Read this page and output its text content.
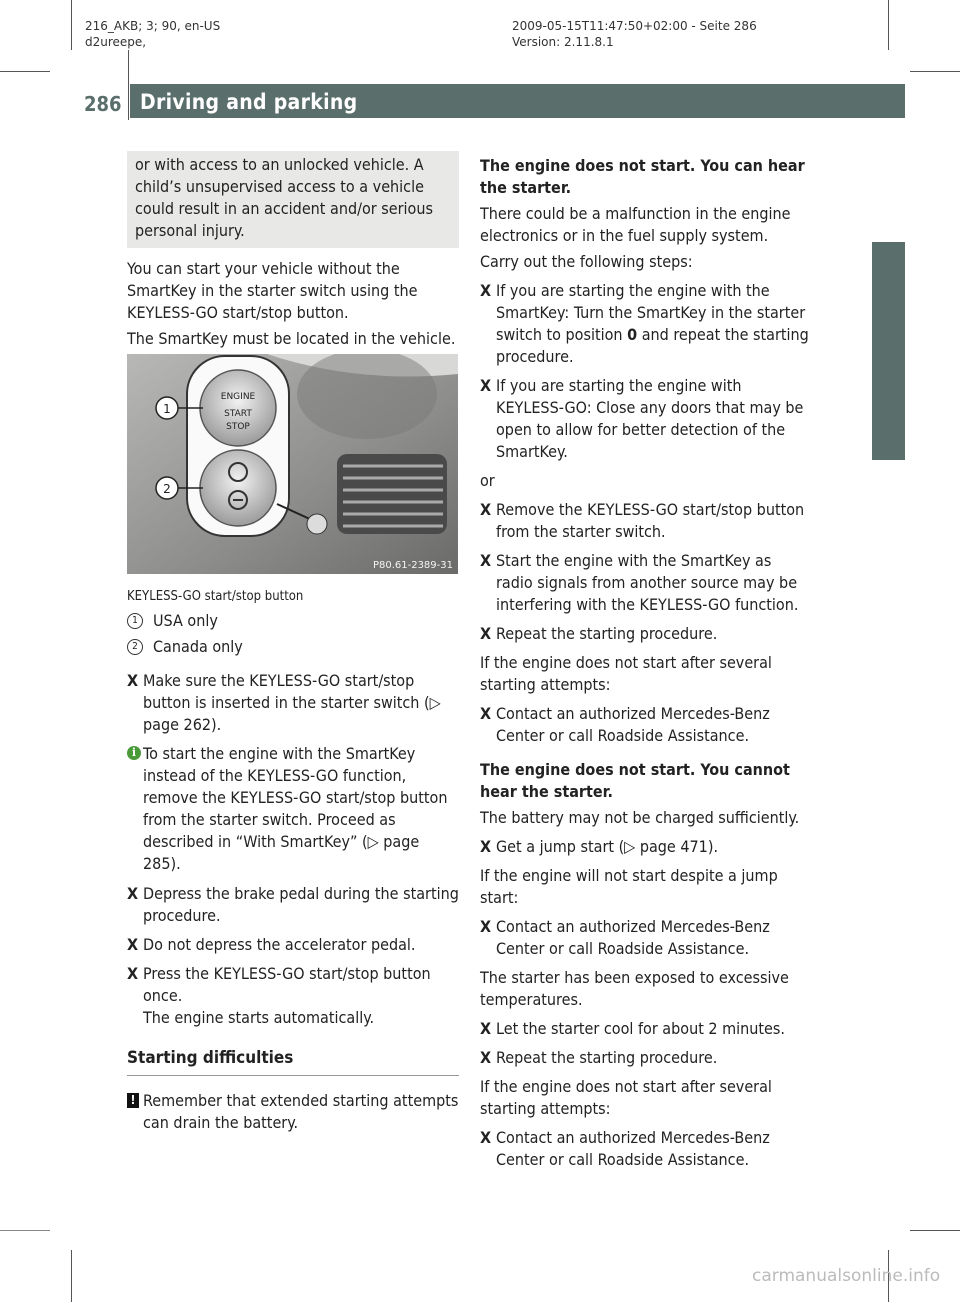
216_AKB; 3; 90, en-US
d2ureepe,
2009-05-15T11:47:50+02:00 - Seite 286
Version: 2.11.8.1
286 Driving and parking
Controls in detail

or with access to an unlocked vehicle. A child’s unsupervised access to a vehicle could result in an accident and/or serious personal injury.

You can start your vehicle without the SmartKey in the starter switch using the KEYLESS-GO start/stop button.

The SmartKey must be located in the vehicle.

ENGINE
START
STOP
1
2
P80.61-2389-31

KEYLESS-GO start/stop button

1 USA only
2 Canada only
X Make sure the KEYLESS-GO start/stop button is inserted in the starter switch (▷ page 262).
i To start the engine with the SmartKey instead of the KEYLESS-GO function, remove the KEYLESS-GO start/stop button from the starter switch. Proceed as described in “With SmartKey” (▷ page 285).
X Depress the brake pedal during the starting procedure.
X Do not depress the accelerator pedal.
X Press the KEYLESS-GO start/stop button once.
The engine starts automatically.
Starting difficulties
! Remember that extended starting attempts can drain the battery.

The engine does not start. You can hear the starter.

There could be a malfunction in the engine electronics or in the fuel supply system.

Carry out the following steps:

X If you are starting the engine with the SmartKey: Turn the SmartKey in the starter switch to position 0 and repeat the starting procedure.
X If you are starting the engine with KEYLESS-GO: Close any doors that may be open to allow for better detection of the SmartKey.

or

X Remove the KEYLESS-GO start/stop button from the starter switch.
X Start the engine with the SmartKey as radio signals from another source may be interfering with the KEYLESS-GO function.
X Repeat the starting procedure.

If the engine does not start after several starting attempts:

X Contact an authorized Mercedes-Benz Center or call Roadside Assistance.

The engine does not start. You cannot hear the starter.

The battery may not be charged sufficiently.

X Get a jump start (▷ page 471).

If the engine will not start despite a jump start:

X Contact an authorized Mercedes-Benz Center or call Roadside Assistance.

The starter has been exposed to excessive temperatures.

X Let the starter cool for about 2 minutes.
X Repeat the starting procedure.

If the engine does not start after several starting attempts:

X Contact an authorized Mercedes-Benz Center or call Roadside Assistance.
carmanualsonline.info
